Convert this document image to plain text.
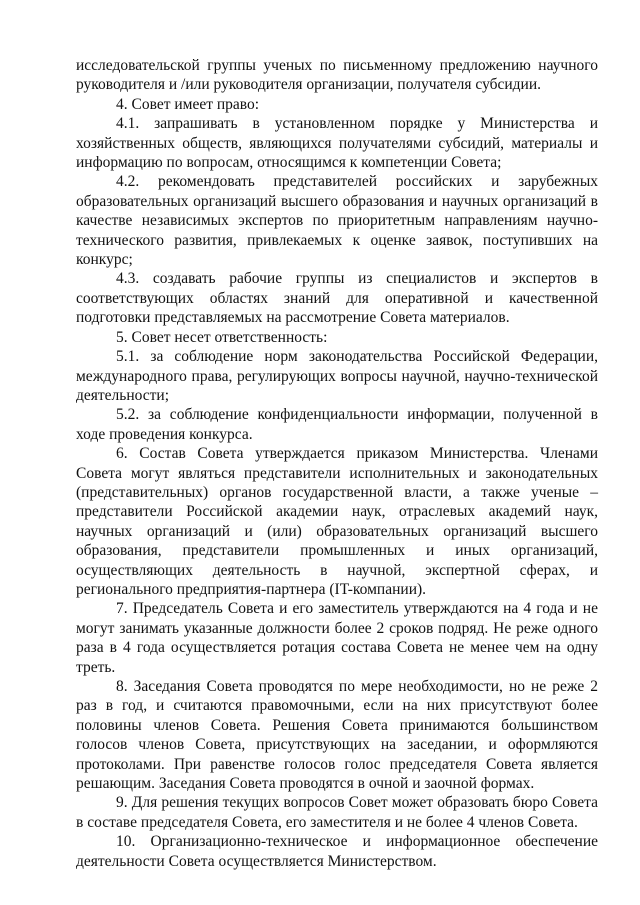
исследовательской группы ученых по письменному предложению научного руководителя и /или руководителя организации, получателя субсидии.

4. Совет имеет право:

4.1. запрашивать в установленном порядке у Министерства и хозяйственных обществ, являющихся получателями субсидий, материалы и информацию по вопросам, относящимся к компетенции Совета;

4.2. рекомендовать представителей российских и зарубежных образовательных организаций высшего образования и научных организаций в качестве независимых экспертов по приоритетным направлениям научно-технического развития, привлекаемых к оценке заявок, поступивших на конкурс;

4.3. создавать рабочие группы из специалистов и экспертов в соответствующих областях знаний для оперативной и качественной подготовки представляемых на рассмотрение Совета материалов.

5. Совет несет ответственность:

5.1. за соблюдение норм законодательства Российской Федерации, международного права, регулирующих вопросы научной, научно-технической деятельности;

5.2. за соблюдение конфиденциальности информации, полученной в ходе проведения конкурса.

6. Состав Совета утверждается приказом Министерства. Членами Совета могут являться представители исполнительных и законодательных (представительных) органов государственной власти, а также ученые – представители Российской академии наук, отраслевых академий наук, научных организаций и (или) образовательных организаций высшего образования, представители промышленных и иных организаций, осуществляющих деятельность в научной, экспертной сферах, и регионального предприятия-партнера (IT-компании).

7. Председатель Совета и его заместитель утверждаются на 4 года и не могут занимать указанные должности более 2 сроков подряд. Не реже одного раза в 4 года осуществляется ротация состава Совета не менее чем на одну треть.

8. Заседания Совета проводятся по мере необходимости, но не реже 2 раз в год, и считаются правомочными, если на них присутствуют более половины членов Совета. Решения Совета принимаются большинством голосов членов Совета, присутствующих на заседании, и оформляются протоколами. При равенстве голосов голос председателя Совета является решающим. Заседания Совета проводятся в очной и заочной формах.

9. Для решения текущих вопросов Совет может образовать бюро Совета в составе председателя Совета, его заместителя и не более 4 членов Совета.

10. Организационно-техническое и информационное обеспечение деятельности Совета осуществляется Министерством.
